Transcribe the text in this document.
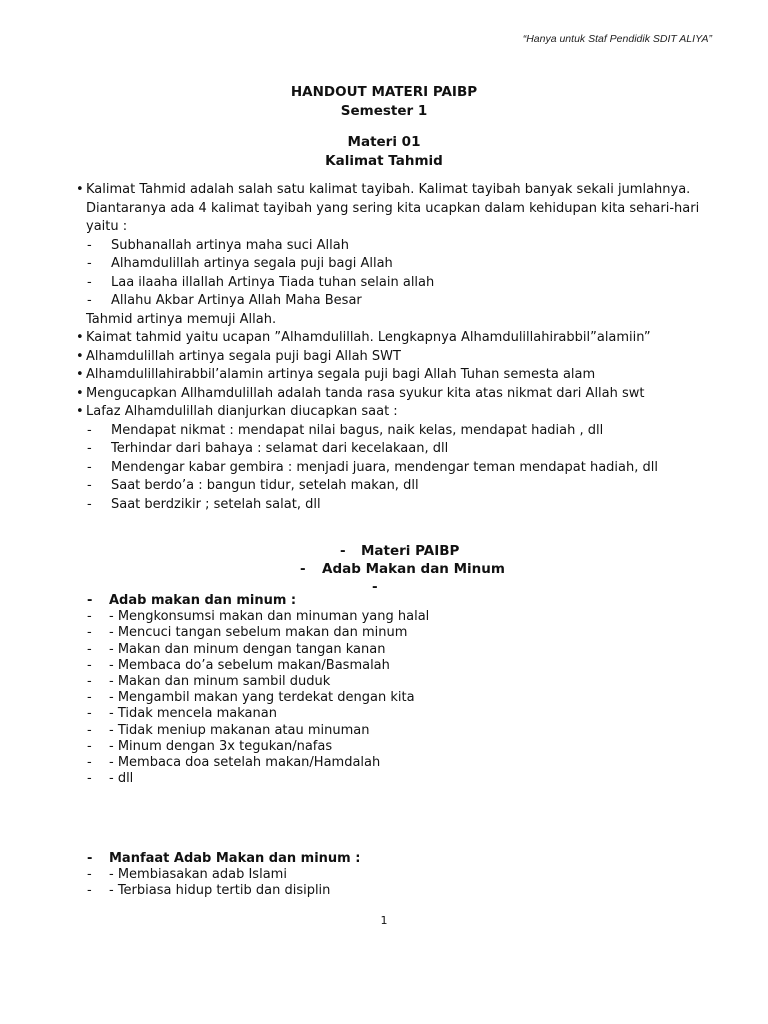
“Hanya untuk Staf Pendidik SDIT ALIYA”
HANDOUT MATERI PAIBP
Semester 1
Materi 01
Kalimat Tahmid
• Kalimat Tahmid adalah salah satu kalimat tayibah. Kalimat tayibah banyak sekali jumlahnya. Diantaranya ada 4 kalimat tayibah yang sering kita ucapkan dalam kehidupan kita sehari-hari yaitu :
- Subhanallah artinya maha suci Allah
- Alhamdulillah artinya segala puji bagi Allah
- Laa ilaaha illallah Artinya Tiada tuhan selain allah
- Allahu Akbar Artinya Allah Maha Besar
Tahmid artinya memuji Allah.
• Kaimat tahmid yaitu ucapan ”Alhamdulillah. Lengkapnya Alhamdulillahirabbil”alamiin”
• Alhamdulillah artinya segala puji bagi Allah SWT
• Alhamdulillahirabbil’alamin artinya segala puji bagi Allah Tuhan semesta alam
• Mengucapkan Allhamdulillah adalah tanda rasa syukur kita atas nikmat dari Allah swt
• Lafaz Alhamdulillah dianjurkan diucapkan saat :
- Mendapat nikmat : mendapat nilai bagus, naik kelas, mendapat hadiah , dll
- Terhindar dari bahaya : selamat dari kecelakaan, dll
- Mendengar kabar gembira : menjadi juara, mendengar teman mendapat hadiah, dll
- Saat berdo’a : bangun tidur, setelah makan, dll
- Saat berdzikir ; setelah salat, dll
- Materi PAIBP
- Adab Makan dan Minum
-

- Adab makan dan minum :
- - Mengkonsumsi makan dan minuman yang halal
- - Mencuci tangan sebelum makan dan minum
- - Makan dan minum dengan tangan kanan
- - Membaca do’a sebelum makan/Basmalah
- - Makan dan minum sambil duduk
- - Mengambil makan yang terdekat dengan kita
- - Tidak mencela makanan
- - Tidak meniup makanan atau minuman
- - Minum dengan 3x tegukan/nafas
- - Membaca doa setelah makan/Hamdalah
- - dll
- Manfaat Adab Makan dan minum :
- - Membiasakan adab Islami
- - Terbiasa hidup tertib dan disiplin
1
